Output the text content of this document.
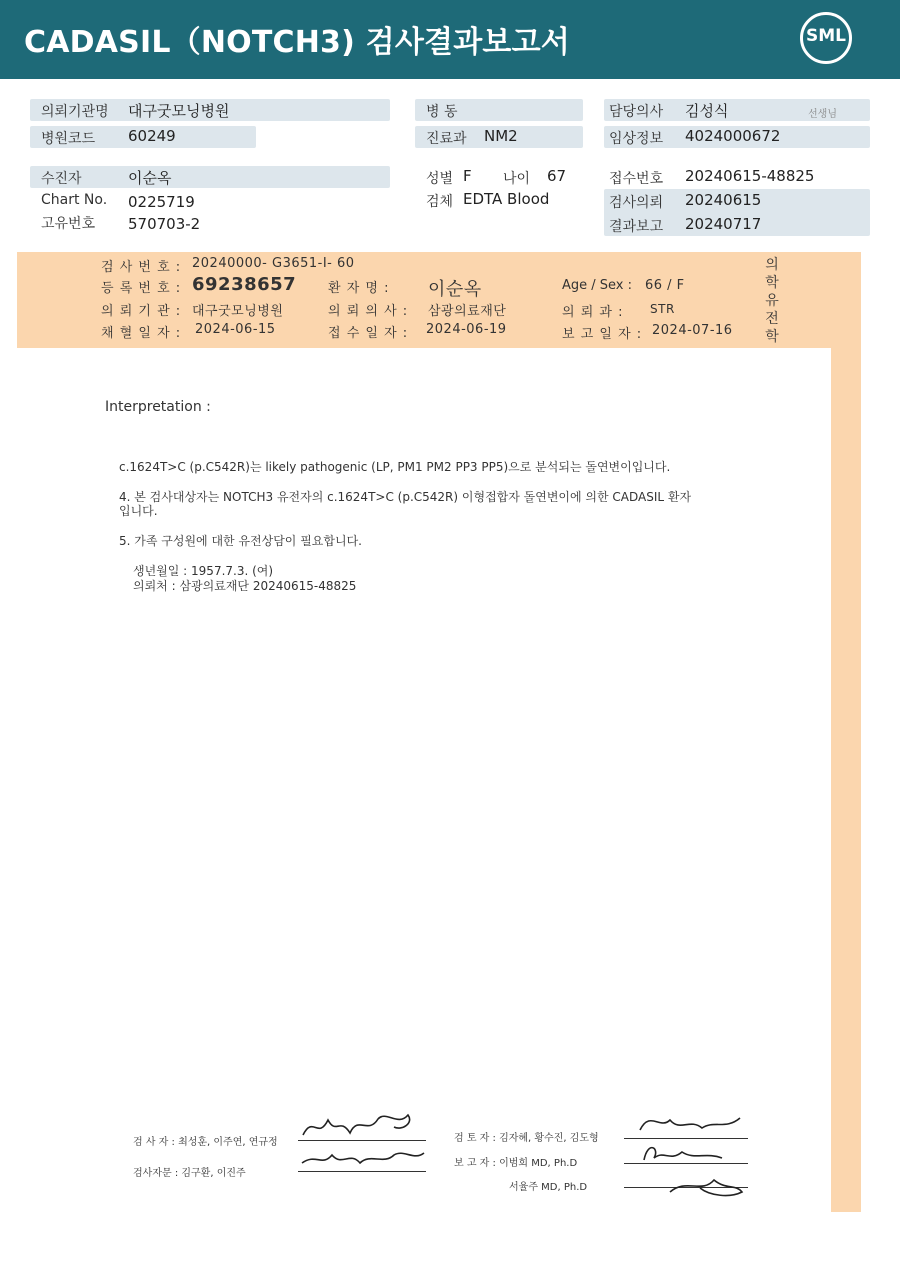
CADASIL（NOTCH3) 검사결과보고서	SML
의뢰기관명 대구굿모닝병원	병 동	담당의사 김성식	선생님
병원코드 60249	진료과 NM2	임상정보 4024000672
수진자	이순옥	성별 F 나이 67	접수번호 20240615-48825
Chart No. 0225719	검체 EDTA Blood	검사의뢰 20240615
고유번호 570703-2	결과보고 20240717
검 사 번 호 : 20240000- G3651-I- 60
등 록 번 호 : 69238657 환 자 명 : 이순옥	Age / Sex : 66 / F
의 뢰 기 관 : 대구굿모닝병원	의 뢰 의 사 : 삼광의료재단	의 뢰 과 : STR
채 혈 일 자 : 2024-06-15	접 수 일 자 : 2024-06-19	보 고 일 자 : 2024-07-16
의
학
유
전
학
Interpretation :
c.1624T>C (p.C542R)는 likely pathogenic (LP, PM1 PM2 PP3 PP5)으로 분석되는 돌연변이입니다.
4. 본 검사대상자는 NOTCH3 유전자의 c.1624T>C (p.C542R) 이형접합자 돌연변이에 의한 CADASIL 환자
입니다.
5. 가족 구성원에 대한 유전상담이 필요합니다.
생년월일 : 1957.7.3. (여)
의뢰처 : 삼광의료재단 20240615-48825
검 사 자 : 최성훈, 이주연, 연규정
검사자문 : 김구환, 이진주
검 토 자 : 김자혜, 황수진, 김도형
보 고 자 : 이범희 MD, Ph.D
서율주 MD, Ph.D
